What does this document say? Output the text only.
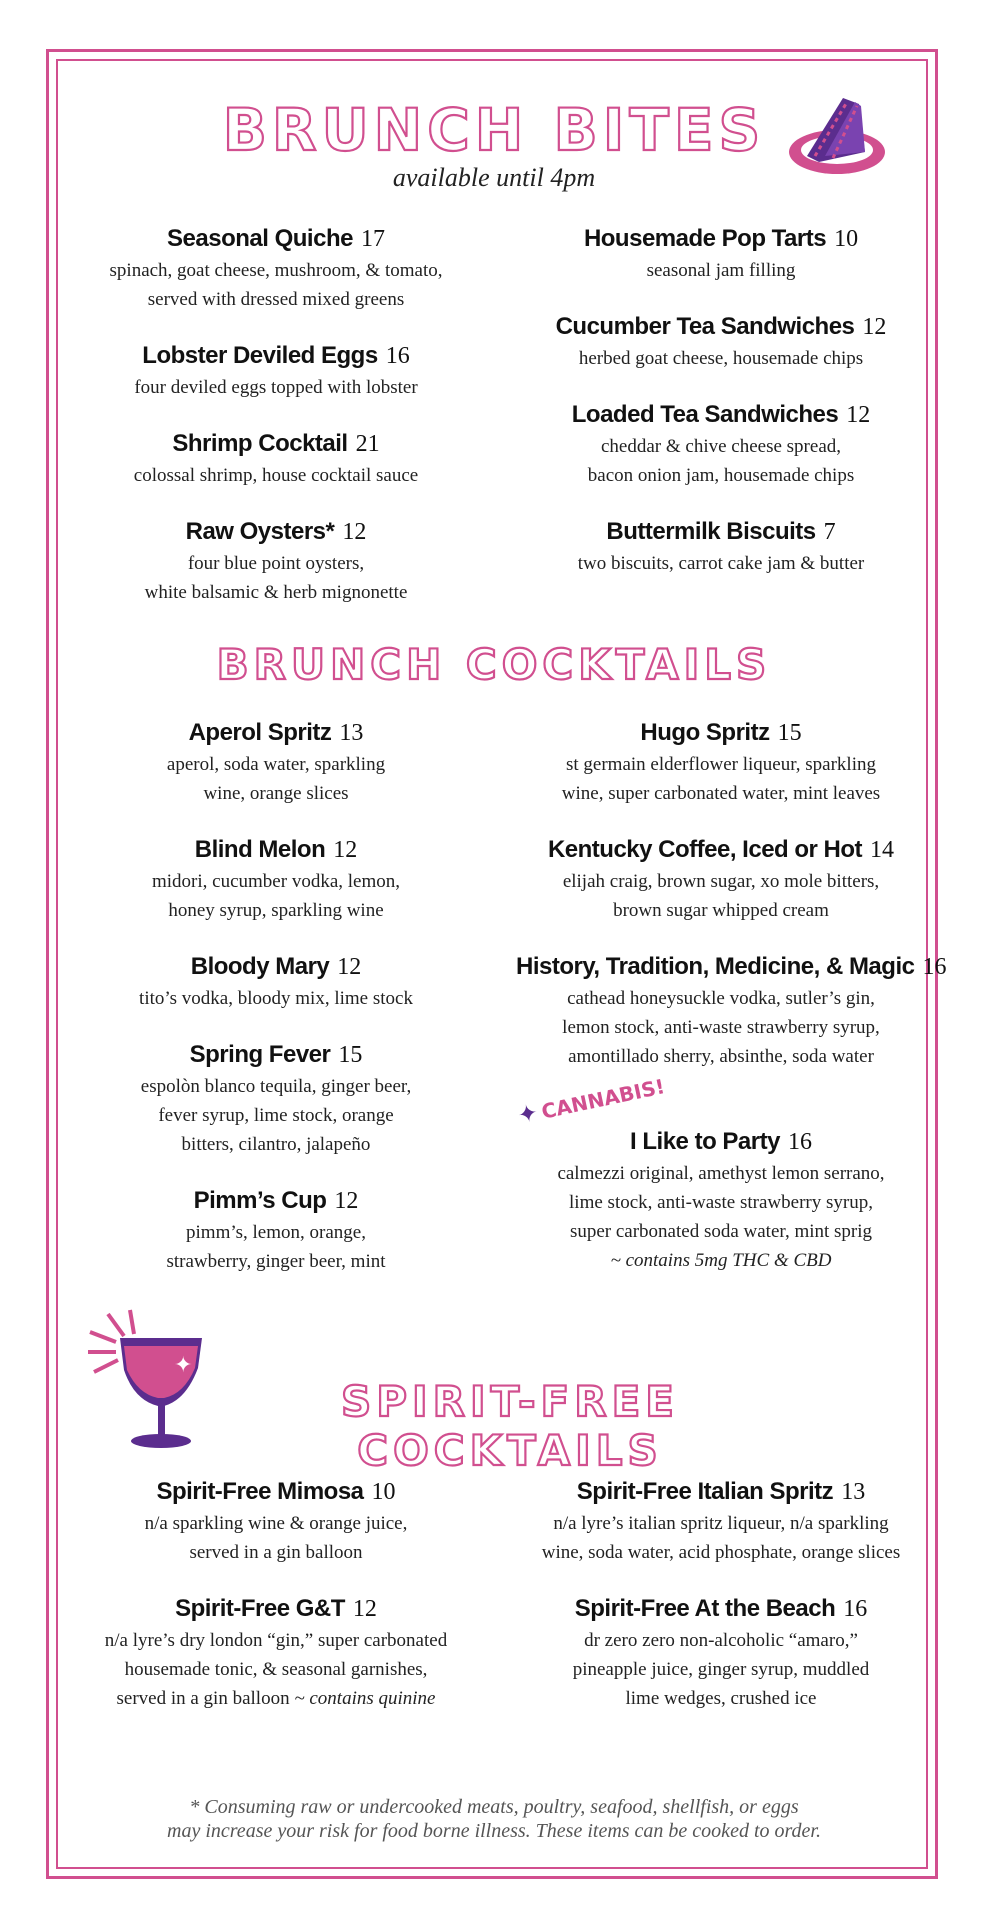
BRUNCH BITES
available until 4pm
Seasonal Quiche 17
spinach, goat cheese, mushroom, & tomato,
served with dressed mixed greens
Lobster Deviled Eggs 16
four deviled eggs topped with lobster
Shrimp Cocktail 21
colossal shrimp, house cocktail sauce
Raw Oysters* 12
four blue point oysters,
white balsamic & herb mignonette
Housemade Pop Tarts 10
seasonal jam filling
Cucumber Tea Sandwiches 12
herbed goat cheese, housemade chips
Loaded Tea Sandwiches 12
cheddar & chive cheese spread,
bacon onion jam, housemade chips
Buttermilk Biscuits 7
two biscuits, carrot cake jam & butter
BRUNCH COCKTAILS
Aperol Spritz 13
aperol, soda water, sparkling
wine, orange slices
Blind Melon 12
midori, cucumber vodka, lemon,
honey syrup, sparkling wine
Bloody Mary 12
tito’s vodka, bloody mix, lime stock
Spring Fever 15
espolòn blanco tequila, ginger beer,
fever syrup, lime stock, orange
bitters, cilantro, jalapeño
Pimm’s Cup 12
pimm’s, lemon, orange,
strawberry, ginger beer, mint
Hugo Spritz 15
st germain elderflower liqueur, sparkling
wine, super carbonated water, mint leaves
Kentucky Coffee, Iced or Hot 14
elijah craig, brown sugar, xo mole bitters,
brown sugar whipped cream
History, Tradition, Medicine, & Magic 16
cathead honeysuckle vodka, sutler’s gin,
lemon stock, anti-waste strawberry syrup,
amontillado sherry, absinthe, soda water
I Like to Party 16
calmezzi original, amethyst lemon serrano,
lime stock, anti-waste strawberry syrup,
super carbonated soda water, mint sprig
~ contains 5mg THC & CBD
✦CANNABIS!
✦
SPIRIT-FREE COCKTAILS
Spirit-Free Mimosa 10
n/a sparkling wine & orange juice,
served in a gin balloon
Spirit-Free G&T 12
n/a lyre’s dry london “gin,” super carbonated
housemade tonic, & seasonal garnishes,
served in a gin balloon ~ contains quinine
Spirit-Free Italian Spritz 13
n/a lyre’s italian spritz liqueur, n/a sparkling
wine, soda water, acid phosphate, orange slices
Spirit-Free At the Beach 16
dr zero zero non-alcoholic “amaro,”
pineapple juice, ginger syrup, muddled
lime wedges, crushed ice
* Consuming raw or undercooked meats, poultry, seafood, shellfish, or eggs
may increase your risk for food borne illness. These items can be cooked to order.
